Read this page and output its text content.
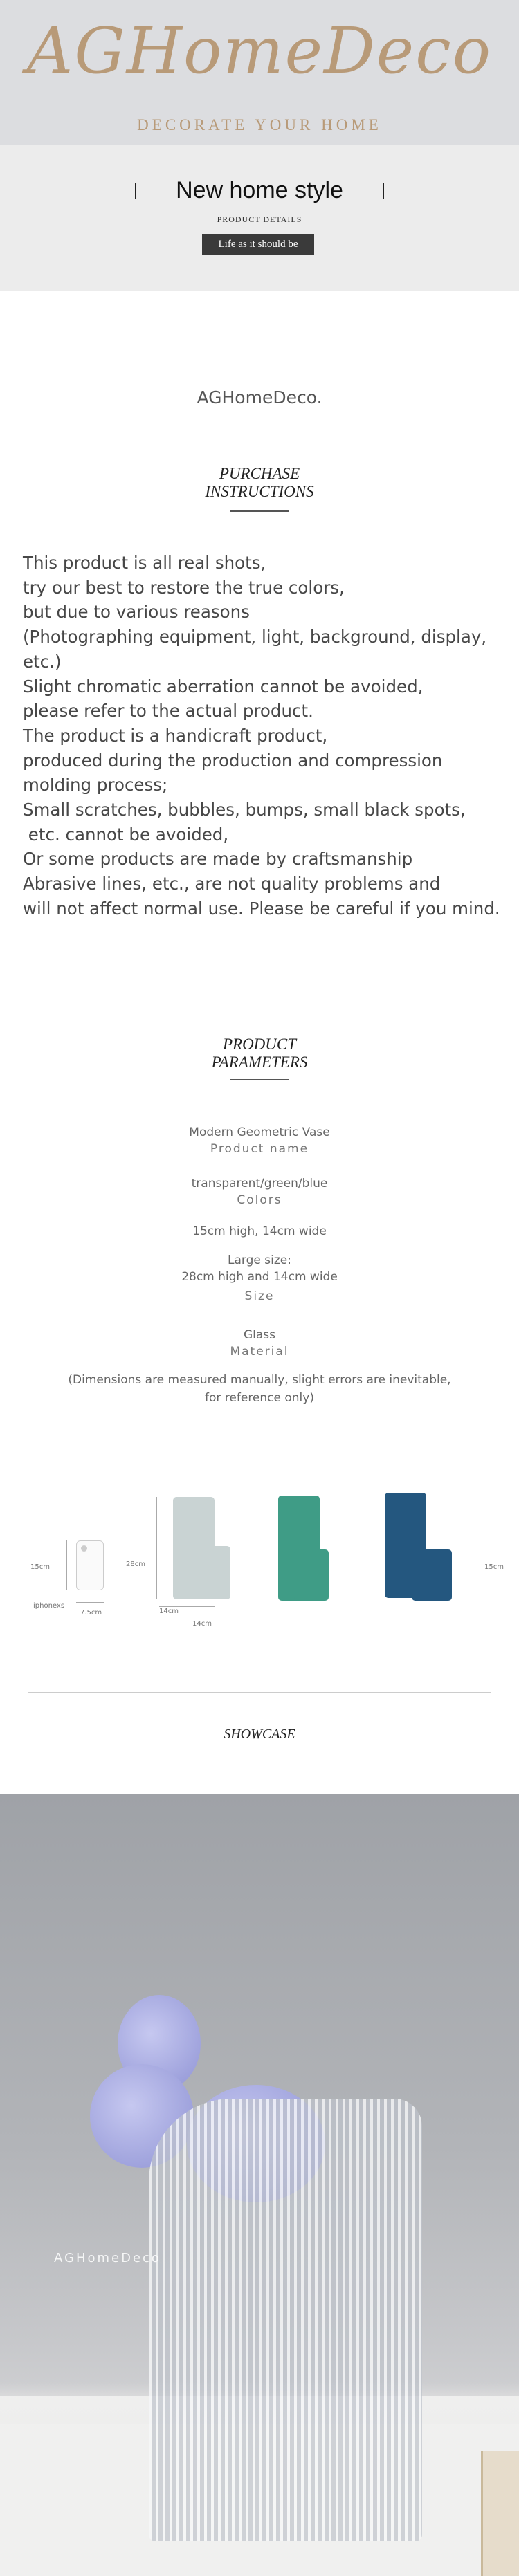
AGHomeDeco
DECORATE YOUR HOME
New home style
PRODUCT DETAILS
Life as it should be
AGHomeDeco.
PURCHASE
INSTRUCTIONS
This product is all real shots,
try our best to restore the true colors,
but due to various reasons
(Photographing equipment, light, background, display,
etc.)
Slight chromatic aberration cannot be avoided,
please refer to the actual product.
The product is a handicraft product,
produced during the production and compression
molding process;
Small scratches, bubbles, bumps, small black spots,
etc. cannot be avoided,
Or some products are made by craftsmanship
Abrasive lines, etc., are not quality problems and
will not affect normal use. Please be careful if you mind.
PRODUCT
PARAMETERS
Modern Geometric Vase
Product name
transparent/green/blue
Colors
15cm high, 14cm wide
Large size:
28cm high and 14cm wide
Size
Glass
Material
(Dimensions are measured manually, slight errors are inevitable,
for reference only)
15cm
iphonexs
7.5cm
28cm
14cm
14cm
15cm
SHOWCASE
AGHomeDeco
